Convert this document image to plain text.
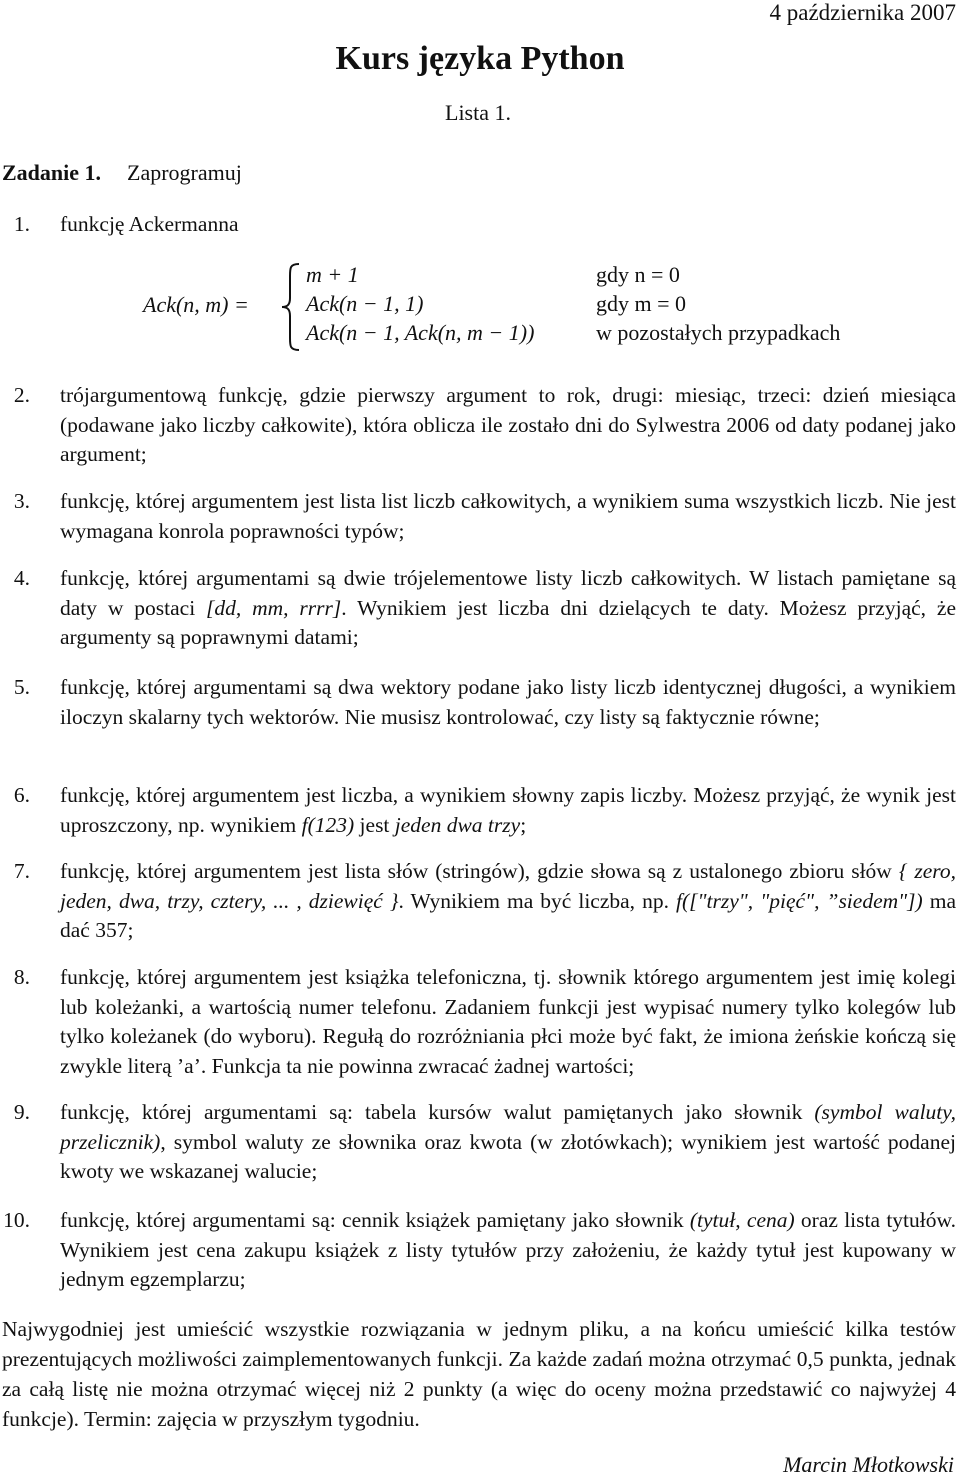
4 października 2007
Kurs języka Python
Lista 1.
Zadanie 1. Zaprogramuj
1. funkcję Ackermanna
Ack(n, m) =
m + 1	gdy n = 0
Ack(n − 1, 1)	gdy m = 0
Ack(n − 1, Ack(n, m − 1))	w pozostałych przypadkach
2. trójargumentową funkcję, gdzie pierwszy argument to rok, drugi: miesiąc, trzeci: dzień miesiąca (podawane jako liczby całkowite), która oblicza ile zostało dni do Sylwestra 2006 od daty podanej jako argument;
3. funkcję, której argumentem jest lista list liczb całkowitych, a wynikiem suma wszystkich liczb. Nie jest wymagana konrola poprawności typów;
4. funkcję, której argumentami są dwie trójelementowe listy liczb całkowitych. W listach pamiętane są daty w postaci [dd, mm, rrrr]. Wynikiem jest liczba dni dzielących te daty. Możesz przyjąć, że argumenty są poprawnymi datami;
5. funkcję, której argumentami są dwa wektory podane jako listy liczb identycznej długości, a wynikiem iloczyn skalarny tych wektorów. Nie musisz kontrolować, czy listy są faktycznie równe;
6. funkcję, której argumentem jest liczba, a wynikiem słowny zapis liczby. Możesz przyjąć, że wynik jest uproszczony, np. wynikiem f(123) jest jeden dwa trzy;
7. funkcję, której argumentem jest lista słów (stringów), gdzie słowa są z ustalonego zbioru słów { zero, jeden, dwa, trzy, cztery, ... , dziewięć }. Wynikiem ma być liczba, np. f(["trzy", "pięć", ”siedem"]) ma dać 357;
8. funkcję, której argumentem jest książka telefoniczna, tj. słownik którego argumentem jest imię kolegi lub koleżanki, a wartością numer telefonu. Zadaniem funkcji jest wypisać numery tylko kolegów lub tylko koleżanek (do wyboru). Regułą do rozróżniania płci może być fakt, że imiona żeńskie kończą się zwykle literą ’a’. Funkcja ta nie powinna zwracać żadnej wartości;
9. funkcję, której argumentami są: tabela kursów walut pamiętanych jako słownik (symbol waluty, przelicznik), symbol waluty ze słownika oraz kwota (w złotówkach); wynikiem jest wartość podanej kwoty we wskazanej walucie;
10. funkcję, której argumentami są: cennik książek pamiętany jako słownik (tytuł, cena) oraz lista tytułów. Wynikiem jest cena zakupu książek z listy tytułów przy założeniu, że każdy tytuł jest kupowany w jednym egzemplarzu;
Najwygodniej jest umieścić wszystkie rozwiązania w jednym pliku, a na końcu umieścić kilka testów prezentujących możliwości zaimplementowanych funkcji. Za każde zadań można otrzymać 0,5 punkta, jednak za całą listę nie można otrzymać więcej niż 2 punkty (a więc do oceny można przedstawić co najwyżej 4 funkcje). Termin: zajęcia w przyszłym tygodniu.
Marcin Młotkowski
